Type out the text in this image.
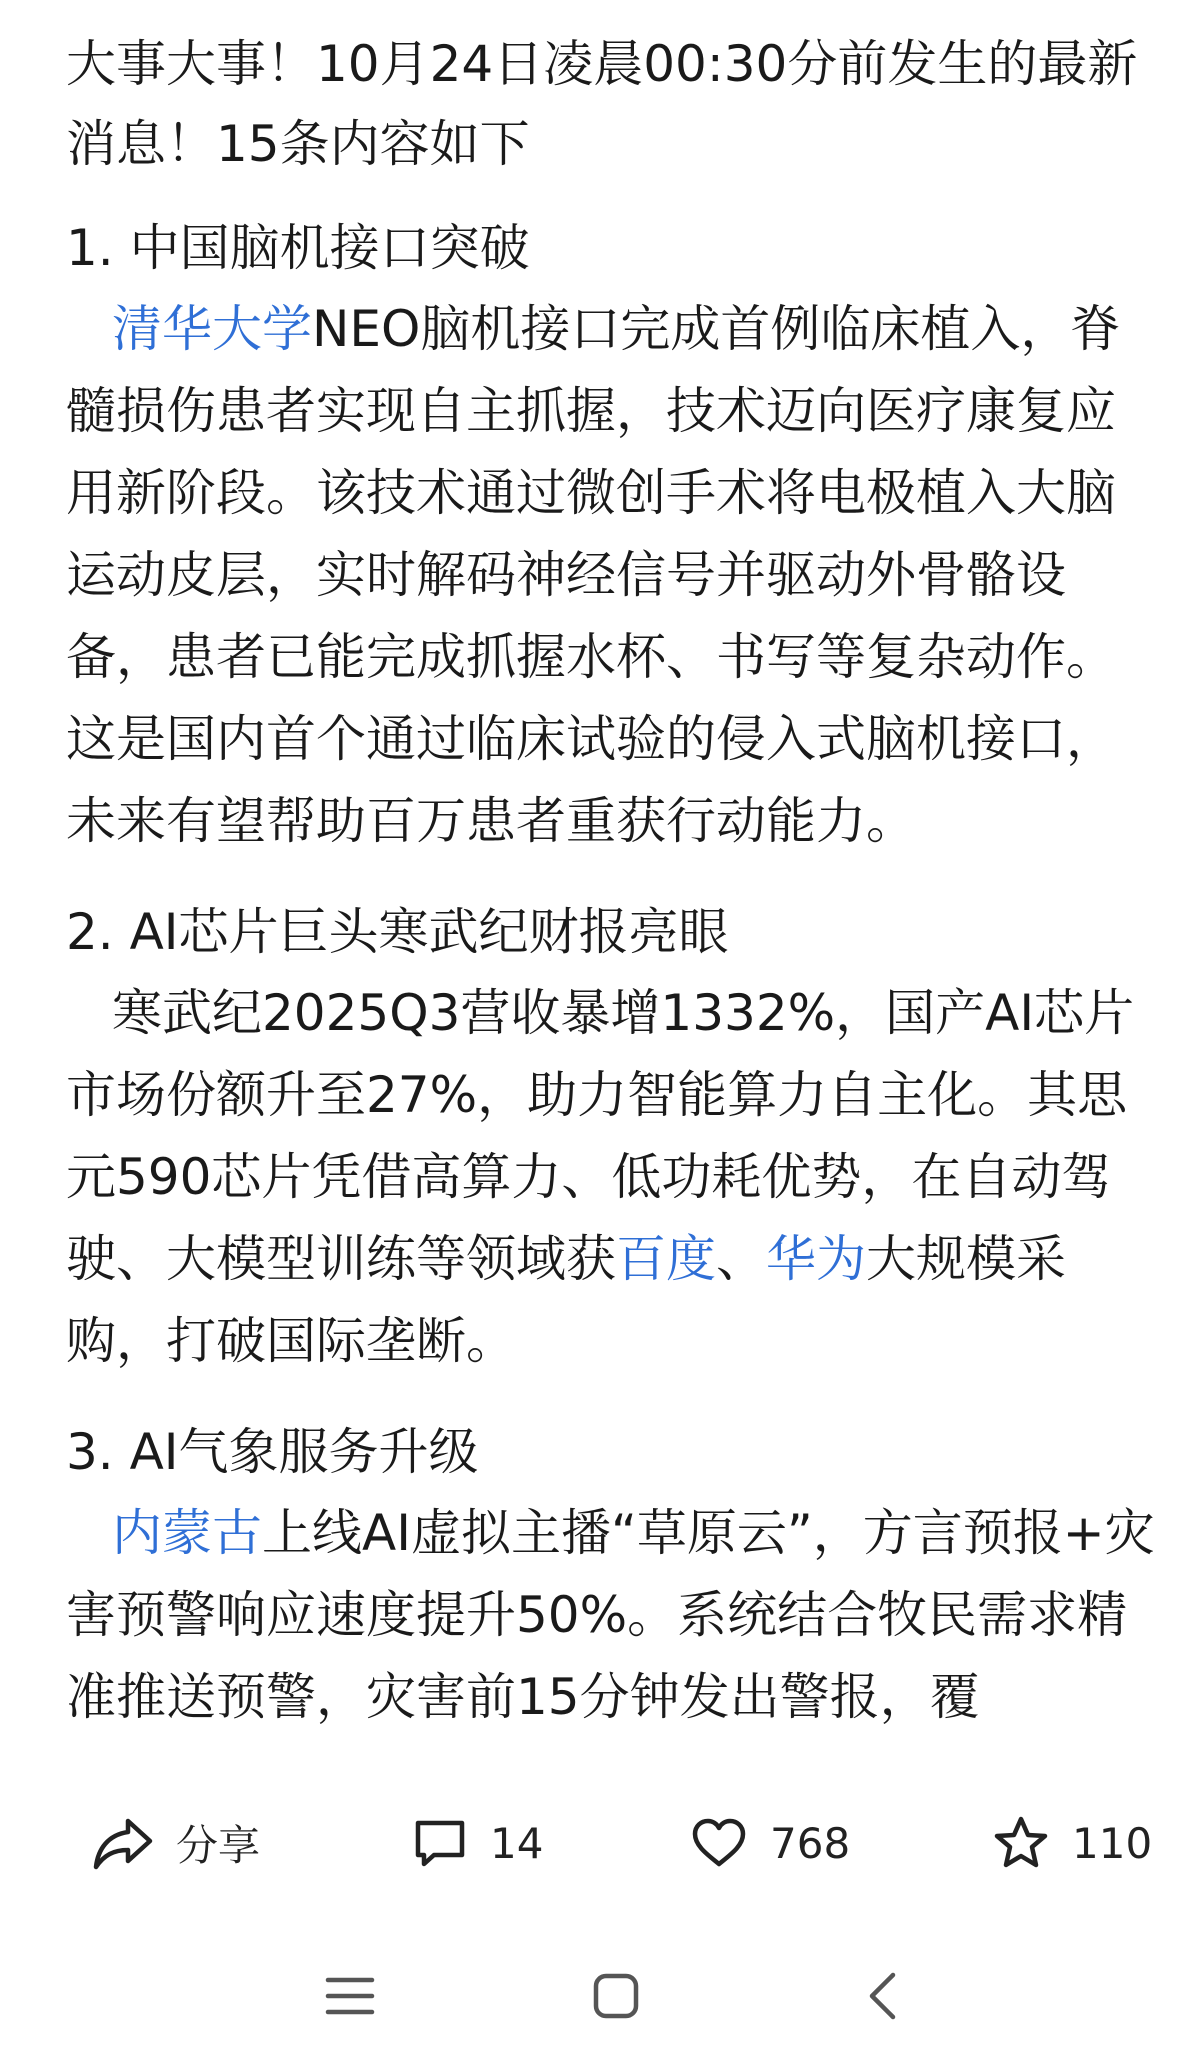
大事大事！10月24日凌晨00:30分前发生的最新消息！15条内容如下

1. 中国脑机接口突破

清华大学NEO脑机接口完成首例临床植入，脊髓损伤患者实现自主抓握，技术迈向医疗康复应用新阶段。该技术通过微创手术将电极植入大脑运动皮层，实时解码神经信号并驱动外骨骼设备，患者已能完成抓握水杯、书写等复杂动作。这是国内首个通过临床试验的侵入式脑机接口，未来有望帮助百万患者重获行动能力。

2. AI芯片巨头寒武纪财报亮眼

寒武纪2025Q3营收暴增1332%，国产AI芯片市场份额升至27%，助力智能算力自主化。其思元590芯片凭借高算力、低功耗优势，在自动驾驶、大模型训练等领域获百度、华为大规模采购，打破国际垄断。

3. AI气象服务升级

内蒙古上线AI虚拟主播“草原云”，方言预报+灾害预警响应速度提升50%。系统结合牧民需求精准推送预警，灾害前15分钟发出警报，覆

分享	14	768	110
